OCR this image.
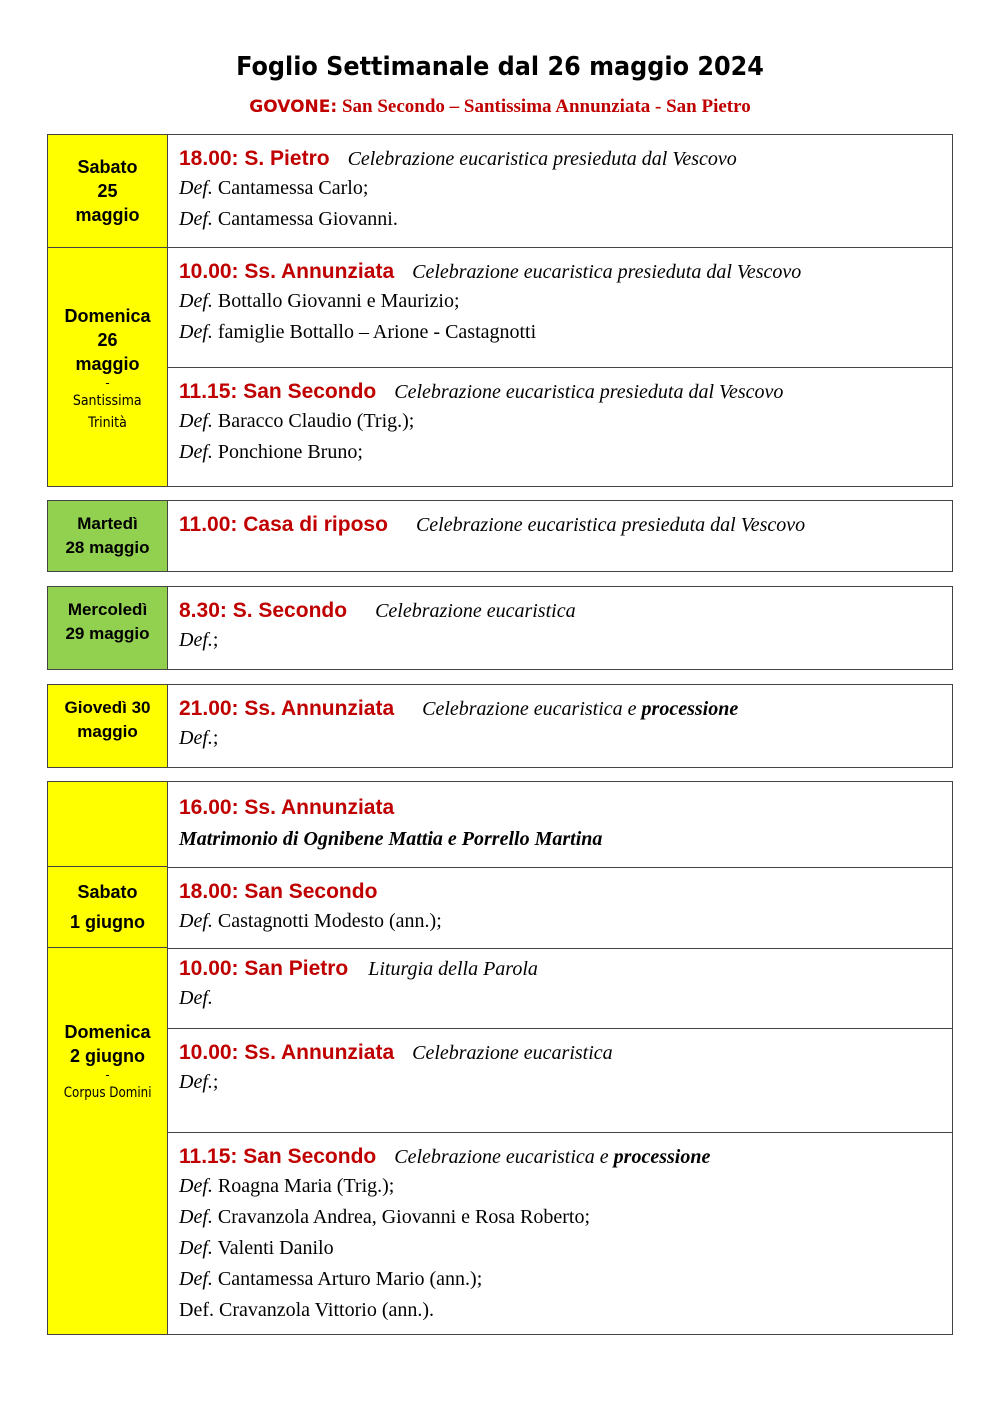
Foglio Settimanale dal 26 maggio 2024
GOVONE: San Secondo – Santissima Annunziata - San Pietro
Sabato 25 maggio
18.00: S. Pietro Celebrazione eucaristica presieduta dal Vescovo
Def. Cantamessa Carlo;
Def. Cantamessa Giovanni.
Domenica
26
maggio
-
Santissima
Trinità
10.00: Ss. Annunziata Celebrazione eucaristica presieduta dal Vescovo
Def. Bottallo Giovanni e Maurizio;
Def. famiglie Bottallo – Arione - Castagnotti
11.15: San Secondo Celebrazione eucaristica presieduta dal Vescovo
Def. Baracco Claudio (Trig.);
Def. Ponchione Bruno;
Martedì
28 maggio
11.00: Casa di riposo Celebrazione eucaristica presieduta dal Vescovo
Mercoledì
29 maggio
8.30: S. Secondo Celebrazione eucaristica
Def.;
Giovedì 30
maggio
21.00: Ss. Annunziata Celebrazione eucaristica e processione
Def.;
Sabato
1 giugno
Domenica
2 giugno
-
Corpus Domini
16.00: Ss. Annunziata
Matrimonio di Ognibene Mattia e Porrello Martina
18.00: San Secondo
Def. Castagnotti Modesto (ann.);
10.00: San Pietro Liturgia della Parola
Def.
10.00: Ss. Annunziata Celebrazione eucaristica
Def.;
11.15: San Secondo Celebrazione eucaristica e processione
Def. Roagna Maria (Trig.);
Def. Cravanzola Andrea, Giovanni e Rosa Roberto;
Def. Valenti Danilo
Def. Cantamessa Arturo Mario (ann.);
Def. Cravanzola Vittorio (ann.).
